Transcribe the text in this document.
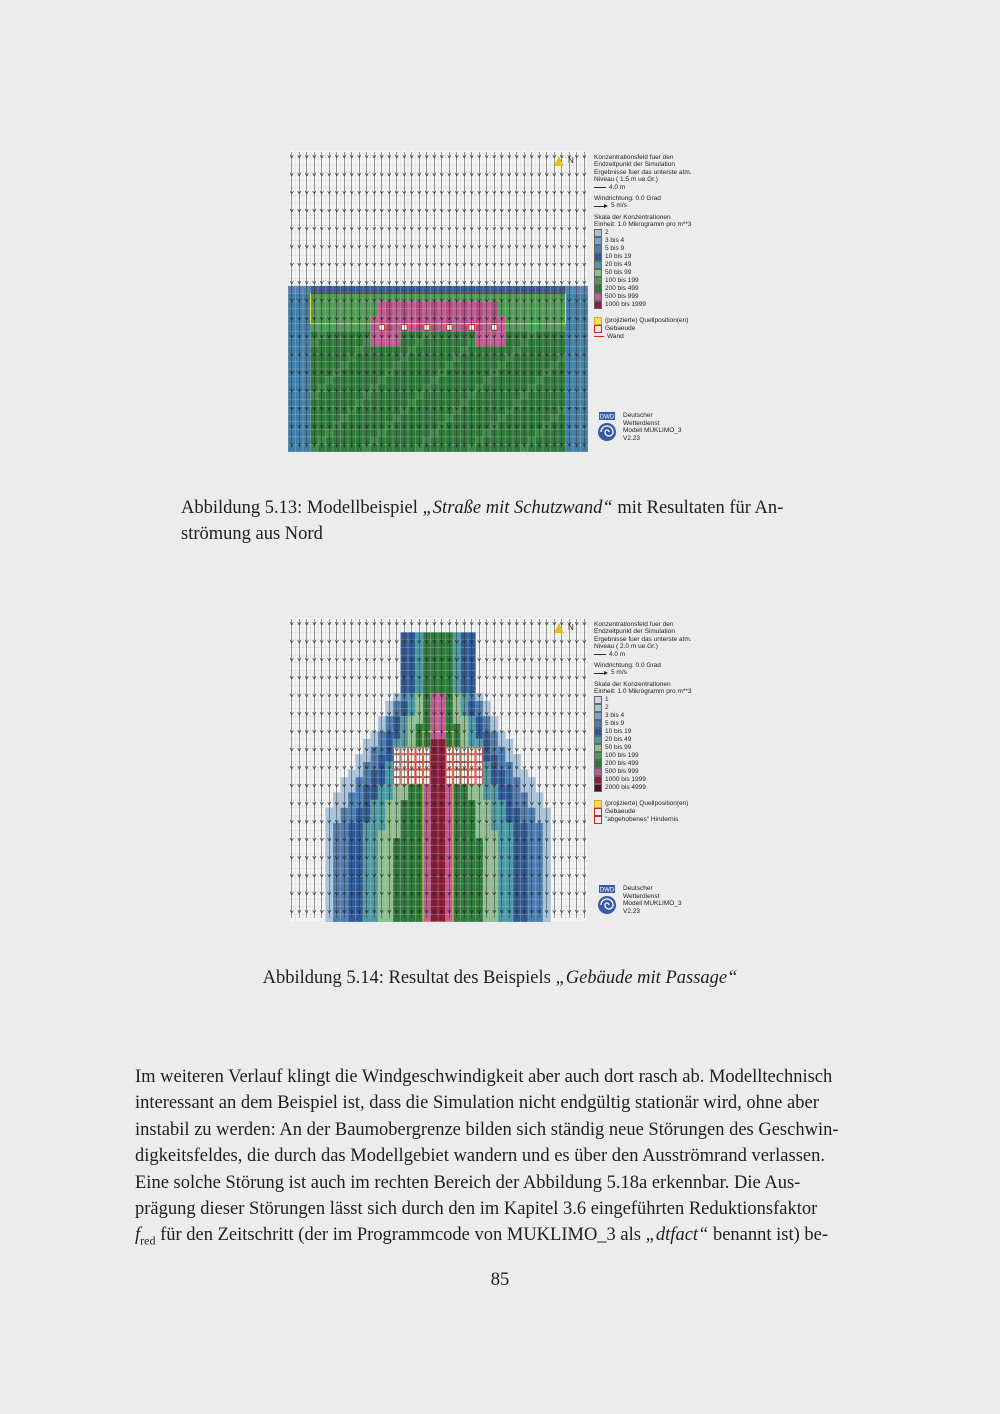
N	Konzentrationsfeld fuer den
Endzeitpunkt der Simulation
Ergebnisse fuer das unterste atm.
Niveau ( 1.5 m ue.Gr.)
4.0 m
Windrichtung: 0.0 Grad
5 m/s
Skala der Konzentrationen
Einheit: 1.0 Mikrogramm pro m**3
2
3 bis 4
5 bis 9
10 bis 19
20 bis 49
50 bis 99
100 bis 199
200 bis 499
500 bis 999
1000 bis 1999
(projizierte) Quellposition(en)
Gebaeude
Wand
DWD Deutscher
Wetterdienst
Modell MUKLIMO_3
V2.23
Abbildung 5.13: Modellbeispiel „Straße mit Schutzwand“ mit Resultaten für An-
strömung aus Nord
N	Konzentrationsfeld fuer den
Endzeitpunkt der Simulation
Ergebnisse fuer das unterste atm.
Niveau ( 2.0 m ue.Gr.)
4.0 m
Windrichtung: 0.0 Grad
5 m/s
Skala der Konzentrationen
Einheit: 1.0 Mikrogramm pro m**3
1
2
3 bis 4
5 bis 9
10 bis 19
20 bis 49
50 bis 99
100 bis 199
200 bis 499
500 bis 999
1000 bis 1999
2000 bis 4999
(projizierte) Quellposition(en)
Gebaeude
"abgehobenes" Hindernis
DWD Deutscher
Wetterdienst
Modell MUKLIMO_3
V2.23
Abbildung 5.14: Resultat des Beispiels „Gebäude mit Passage“

Im weiteren Verlauf klingt die Windgeschwindigkeit aber auch dort rasch ab. Modelltechnisch

interessant an dem Beispiel ist, dass die Simulation nicht endgültig stationär wird, ohne aber

instabil zu werden: An der Baumobergrenze bilden sich ständig neue Störungen des Geschwin-

digkeitsfeldes, die durch das Modellgebiet wandern und es über den Ausströmrand verlassen.

Eine solche Störung ist auch im rechten Bereich der Abbildung 5.18a erkennbar. Die Aus-

prägung dieser Störungen lässt sich durch den im Kapitel 3.6 eingeführten Reduktionsfaktor

$f_{red}$ für den Zeitschritt (der im Programmcode von MUKLIMO_3 als „dtfact“ benannt ist) be-

85
